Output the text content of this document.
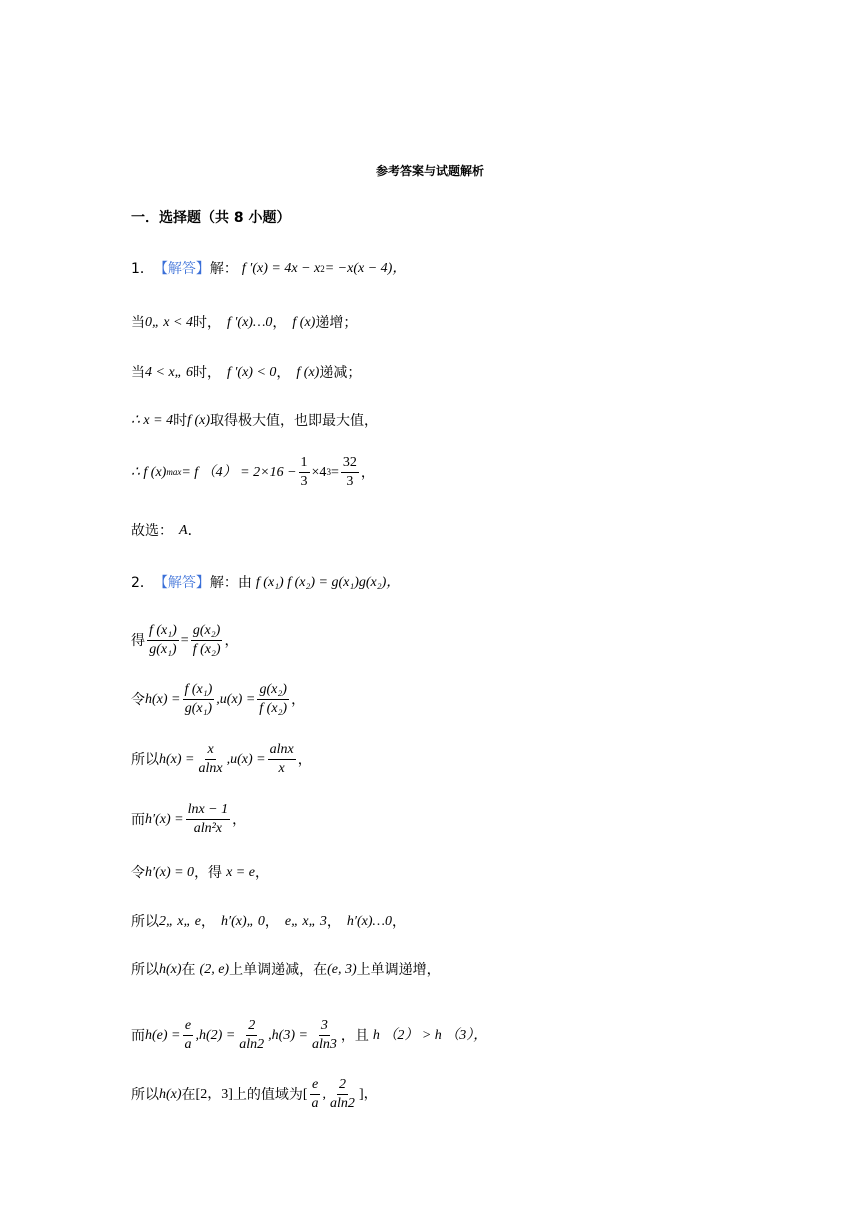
参考答案与试题解析
一．选择题（共 8 小题）
1． 【解答】 解： f ′(x) = 4x − x 2 = −x(x − 4)，
当 0„ x < 4 时， f ′(x)…0 ， f (x) 递增；
当 4 < x„ 6 时， f ′(x) < 0 ， f (x) 递减；
∴ x = 4 时 f (x) 取得极大值，也即最大值，
∴ f (x) max = f $(4) = 2\times 16 - \frac{1}{3} \times 4$ $3 = \frac{32}{3}$ ，
故选： A ．
2． 【解答】 解：由 f (x₁) f (x₂) = g(x₁)g(x₂)，
得 $\frac{\text{f (x₁)}}{\text{g(x₁)}} = \frac{\text{g(x₂)}}{\text{f (x₂)}}$ ，
令 $h(x) = \frac{\text{f (x₁)}}{\text{g(x₁)}} ,u(x) = \frac{\text{g(x₂)}}{\text{f (x₂)}}$ ，
所以 $h(x) = \frac{x}{alnx} ,u(x) = \frac{alnx}{x}$ ，
而 $h'(x) = \frac{\ln x - 1}{\text{aln²x}}$ ，
令 h′(x) = 0 ，得 x = e ，
所以 2„ x„ e ， h′(x)„ 0 ， e„ x„ 3 ， h′(x)…0 ，
所以 h(x) 在 (2, e) 上单调递减，在 (e, 3) 上单调递增，
而 $h(e) = \frac{e}{a} ,h(2) = \frac{2}{aln2} ,h(3) = \frac{3}{aln3}$ ，且 h （2） > h （3），
所以 h(x) 在 [2，3] 上的值域为 [ $\frac{e}{a}$ , $\frac{2}{aln2}$ ]，
